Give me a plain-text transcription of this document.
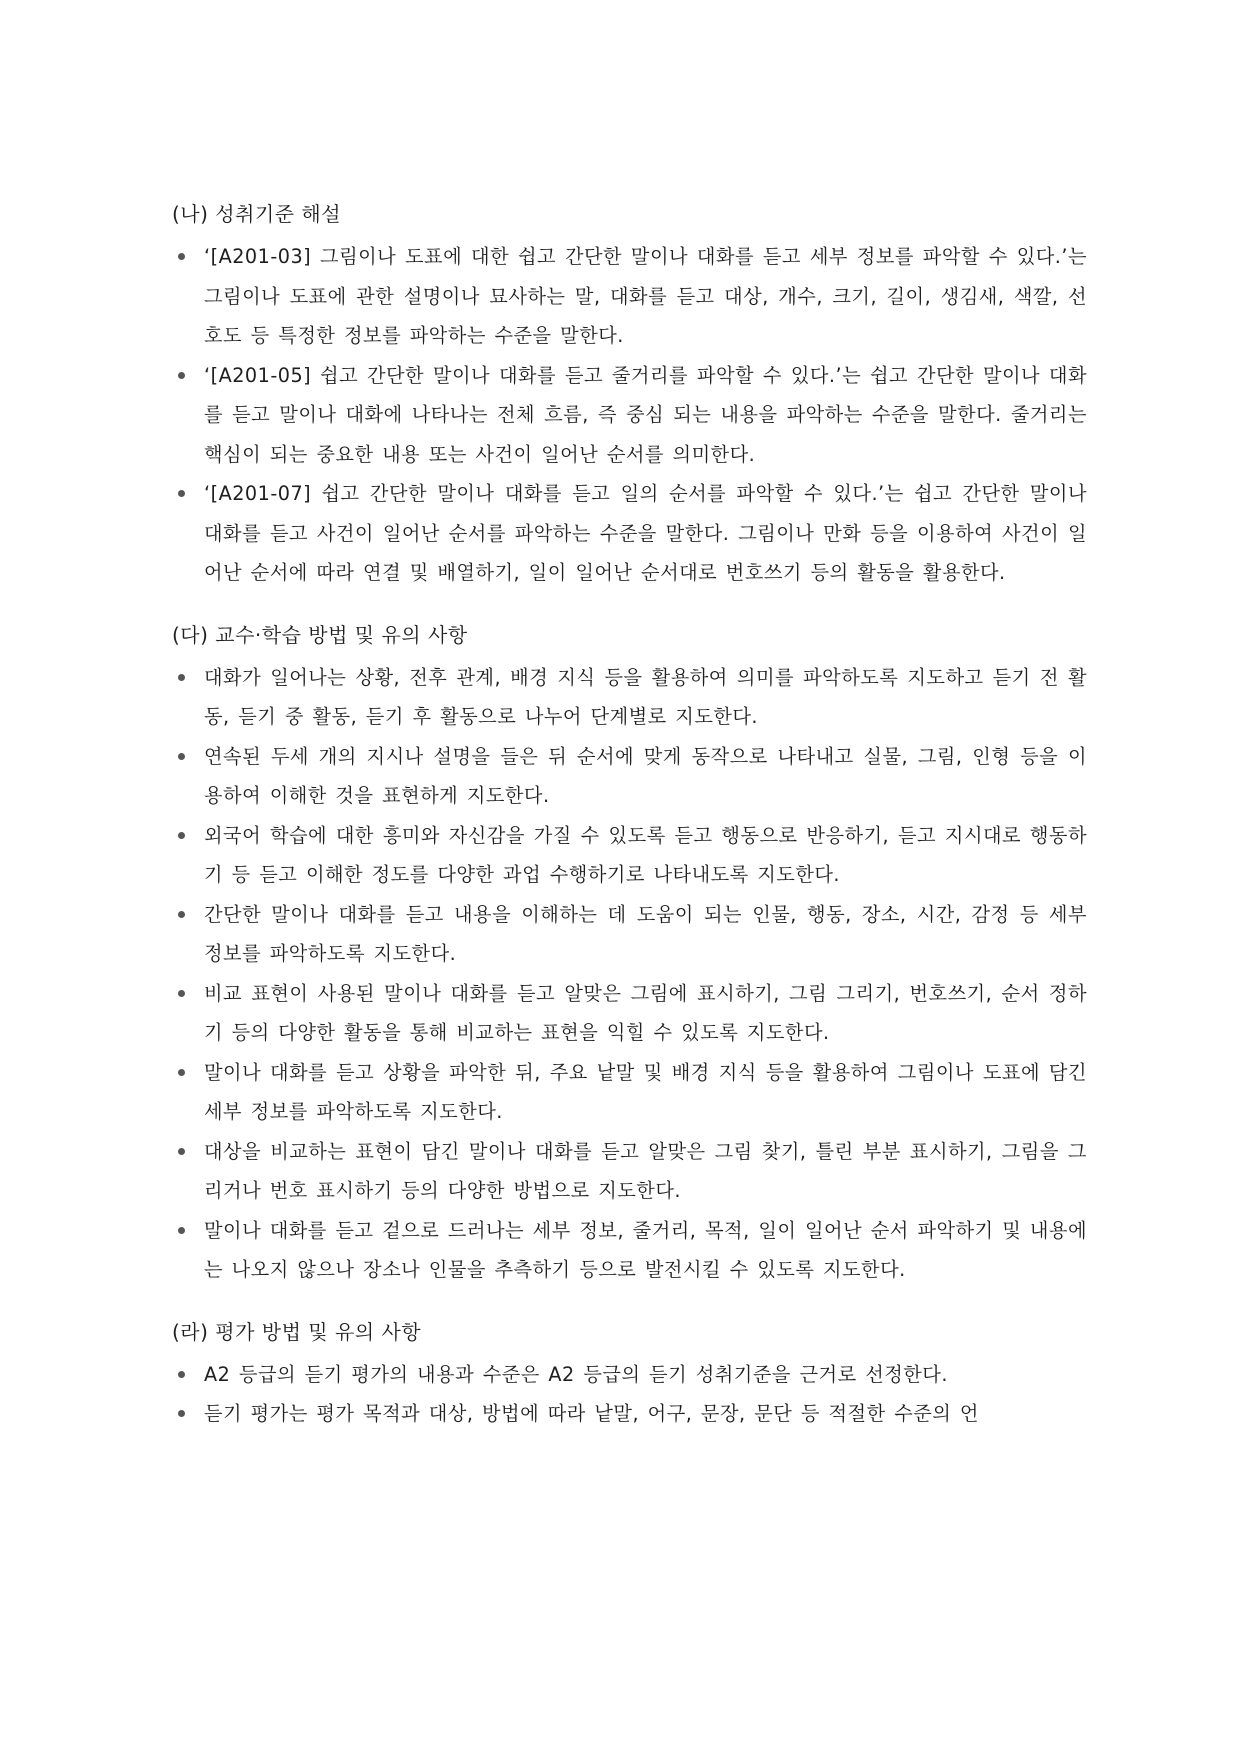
(나) 성취기준 해설
‘[A201-03] 그림이나 도표에 대한 쉽고 간단한 말이나 대화를 듣고 세부 정보를 파악할 수 있다.’는 그림이나 도표에 관한 설명이나 묘사하는 말, 대화를 듣고 대상, 개수, 크기, 길이, 생김새, 색깔, 선호도 등 특정한 정보를 파악하는 수준을 말한다.
‘[A201-05] 쉽고 간단한 말이나 대화를 듣고 줄거리를 파악할 수 있다.’는 쉽고 간단한 말이나 대화를 듣고 말이나 대화에 나타나는 전체 흐름, 즉 중심 되는 내용을 파악하는 수준을 말한다. 줄거리는 핵심이 되는 중요한 내용 또는 사건이 일어난 순서를 의미한다.
‘[A201-07] 쉽고 간단한 말이나 대화를 듣고 일의 순서를 파악할 수 있다.’는 쉽고 간단한 말이나 대화를 듣고 사건이 일어난 순서를 파악하는 수준을 말한다. 그림이나 만화 등을 이용하여 사건이 일어난 순서에 따라 연결 및 배열하기, 일이 일어난 순서대로 번호쓰기 등의 활동을 활용한다.
(다) 교수‧학습 방법 및 유의 사항
대화가 일어나는 상황, 전후 관계, 배경 지식 등을 활용하여 의미를 파악하도록 지도하고 듣기 전 활동, 듣기 중 활동, 듣기 후 활동으로 나누어 단계별로 지도한다.
연속된 두세 개의 지시나 설명을 들은 뒤 순서에 맞게 동작으로 나타내고 실물, 그림, 인형 등을 이용하여 이해한 것을 표현하게 지도한다.
외국어 학습에 대한 흥미와 자신감을 가질 수 있도록 듣고 행동으로 반응하기, 듣고 지시대로 행동하기 등 듣고 이해한 정도를 다양한 과업 수행하기로 나타내도록 지도한다.
간단한 말이나 대화를 듣고 내용을 이해하는 데 도움이 되는 인물, 행동, 장소, 시간, 감정 등 세부 정보를 파악하도록 지도한다.
비교 표현이 사용된 말이나 대화를 듣고 알맞은 그림에 표시하기, 그림 그리기, 번호쓰기, 순서 정하기 등의 다양한 활동을 통해 비교하는 표현을 익힐 수 있도록 지도한다.
말이나 대화를 듣고 상황을 파악한 뒤, 주요 낱말 및 배경 지식 등을 활용하여 그림이나 도표에 담긴 세부 정보를 파악하도록 지도한다.
대상을 비교하는 표현이 담긴 말이나 대화를 듣고 알맞은 그림 찾기, 틀린 부분 표시하기, 그림을 그리거나 번호 표시하기 등의 다양한 방법으로 지도한다.
말이나 대화를 듣고 겉으로 드러나는 세부 정보, 줄거리, 목적, 일이 일어난 순서 파악하기 및 내용에는 나오지 않으나 장소나 인물을 추측하기 등으로 발전시킬 수 있도록 지도한다.
(라) 평가 방법 및 유의 사항
A2 등급의 듣기 평가의 내용과 수준은 A2 등급의 듣기 성취기준을 근거로 선정한다.
듣기 평가는 평가 목적과 대상, 방법에 따라 낱말, 어구, 문장, 문단 등 적절한 수준의 언
